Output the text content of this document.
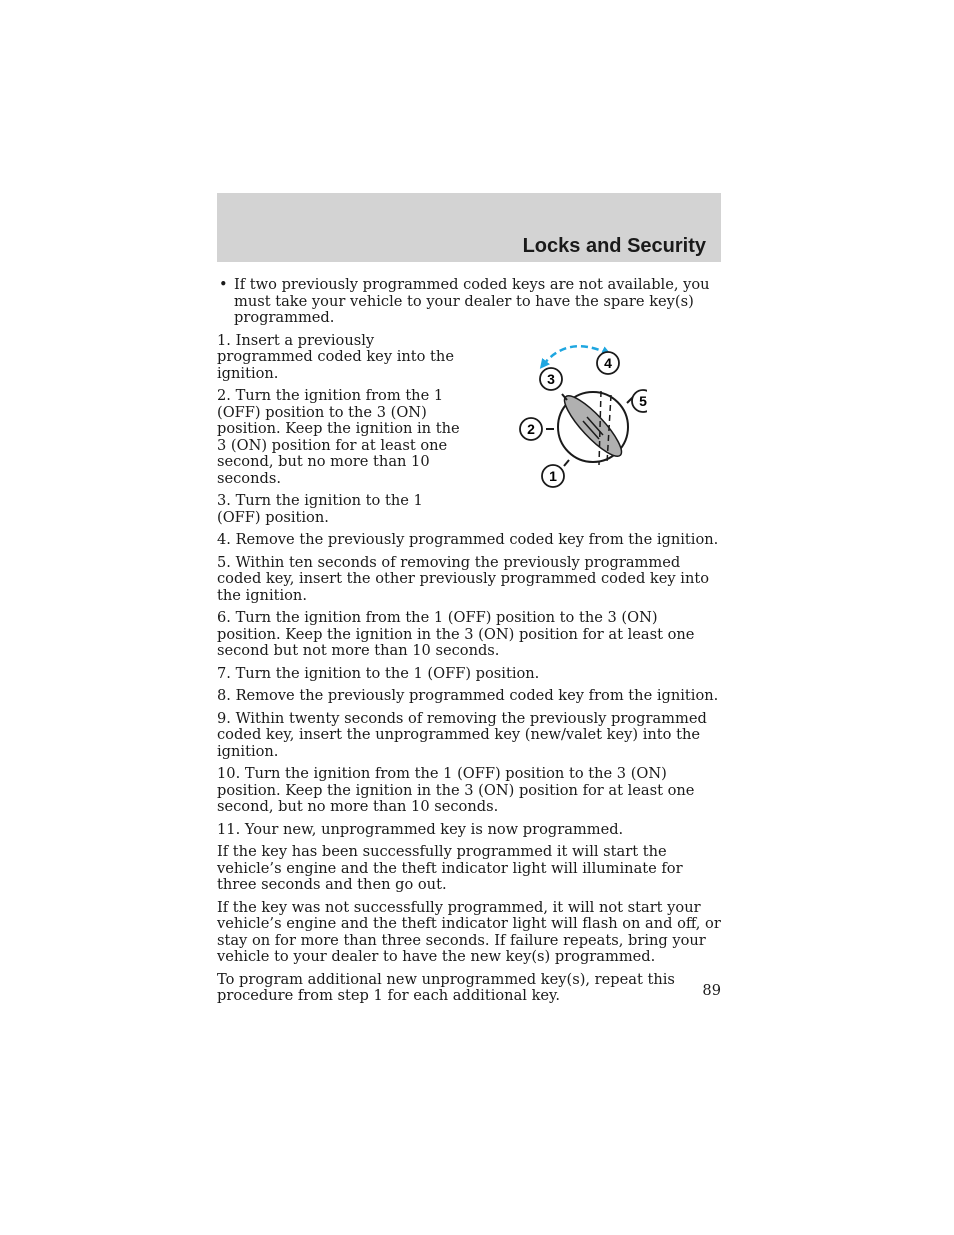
Locks and Security
• If two previously programmed coded keys are not available, you must take your vehicle to your dealer to have the spare key(s) programmed.

1. Insert a previously programmed coded key into the ignition.

2. Turn the ignition from the 1 (OFF) position to the 3 (ON) position. Keep the ignition in the 3 (ON) position for at least one second, but no more than 10 seconds.

3. Turn the ignition to the 1 (OFF) position.

1
2
3
4
5

4. Remove the previously programmed coded key from the ignition.

5. Within ten seconds of removing the previously programmed coded key, insert the other previously programmed coded key into the ignition.

6. Turn the ignition from the 1 (OFF) position to the 3 (ON) position. Keep the ignition in the 3 (ON) position for at least one second but not more than 10 seconds.

7. Turn the ignition to the 1 (OFF) position.

8. Remove the previously programmed coded key from the ignition.

9. Within twenty seconds of removing the previously programmed coded key, insert the unprogrammed key (new/valet key) into the ignition.

10. Turn the ignition from the 1 (OFF) position to the 3 (ON) position. Keep the ignition in the 3 (ON) position for at least one second, but no more than 10 seconds.

11. Your new, unprogrammed key is now programmed.

If the key has been successfully programmed it will start the vehicle’s engine and the theft indicator light will illuminate for three seconds and then go out.

If the key was not successfully programmed, it will not start your vehicle’s engine and the theft indicator light will flash on and off, or stay on for more than three seconds. If failure repeats, bring your vehicle to your dealer to have the new key(s) programmed.

To program additional new unprogrammed key(s), repeat this procedure from step 1 for each additional key.	89
